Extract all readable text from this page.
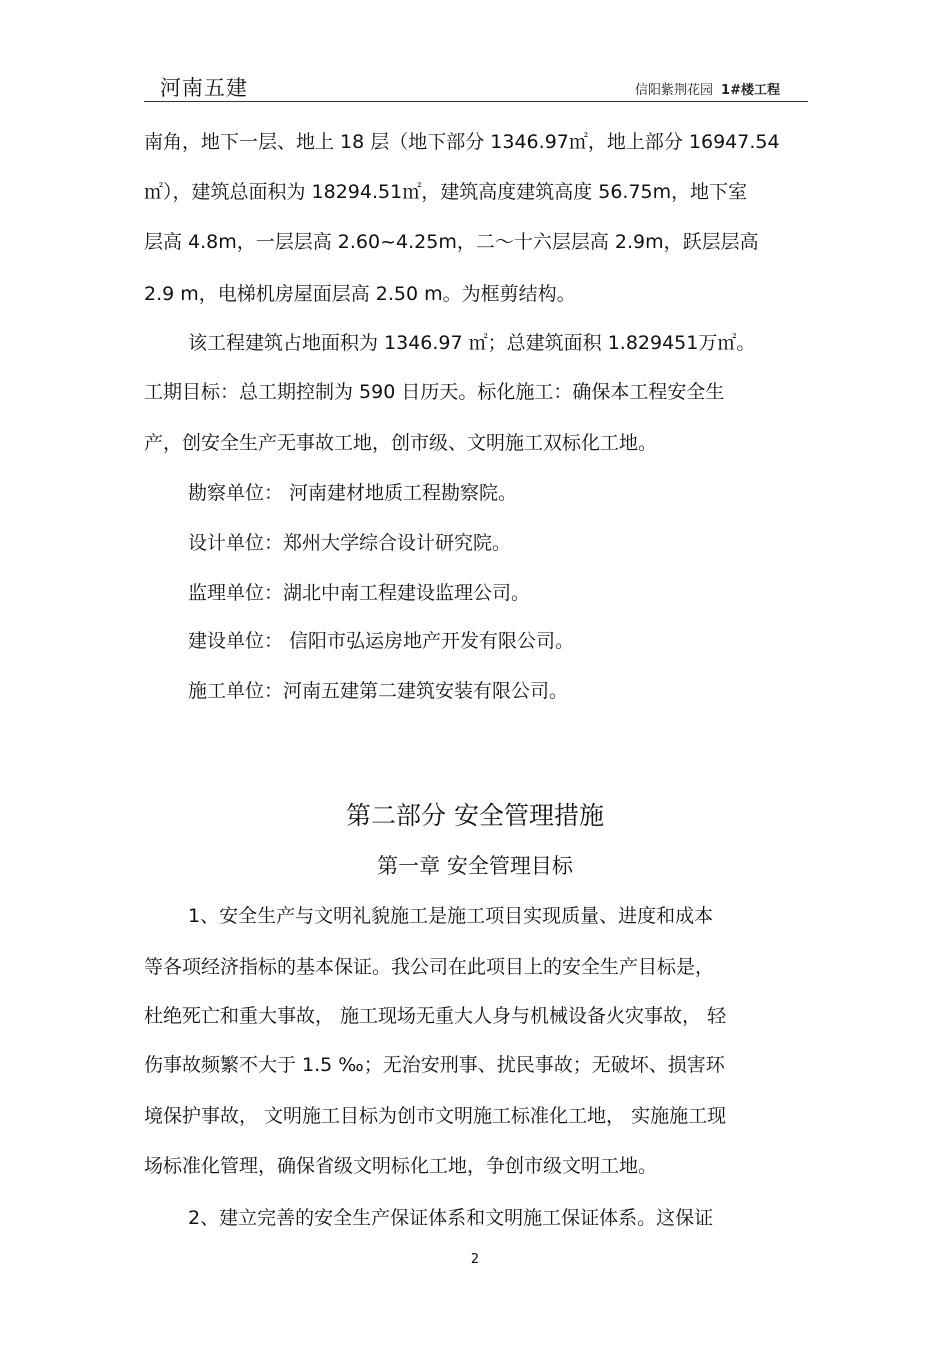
河南五建	信阳紫荆花园 1#楼工程
南角，地下一层、地上 18 层（地下部分 1346.97㎡，地上部分 16947.54
㎡），建筑总面积为 18294.51㎡，建筑高度建筑高度 56.75m，地下室
层高 4.8m，一层层高 2.60~4.25m，二～十六层层高 2.9m，跃层层高
2.9 m，电梯机房屋面层高 2.50 m。为框剪结构。
该工程建筑占地面积为 1346.97 ㎡；总建筑面积 1.829451万㎡。
工期目标：总工期控制为 590 日历天。标化施工：确保本工程安全生
产，创安全生产无事故工地，创市级、文明施工双标化工地。
勘察单位： 河南建材地质工程勘察院。
设计单位：郑州大学综合设计研究院。
监理单位：湖北中南工程建设监理公司。
建设单位： 信阳市弘运房地产开发有限公司。
施工单位：河南五建第二建筑安装有限公司。
第二部分 安全管理措施
第一章 安全管理目标
1、安全生产与文明礼貌施工是施工项目实现质量、进度和成本
等各项经济指标的基本保证。我公司在此项目上的安全生产目标是，
杜绝死亡和重大事故， 施工现场无重大人身与机械设备火灾事故， 轻
伤事故频繁不大于 1.5 ‰；无治安刑事、扰民事故；无破坏、损害环
境保护事故， 文明施工目标为创市文明施工标准化工地， 实施施工现
场标准化管理，确保省级文明标化工地，争创市级文明工地。
2、建立完善的安全生产保证体系和文明施工保证体系。这保证
2
